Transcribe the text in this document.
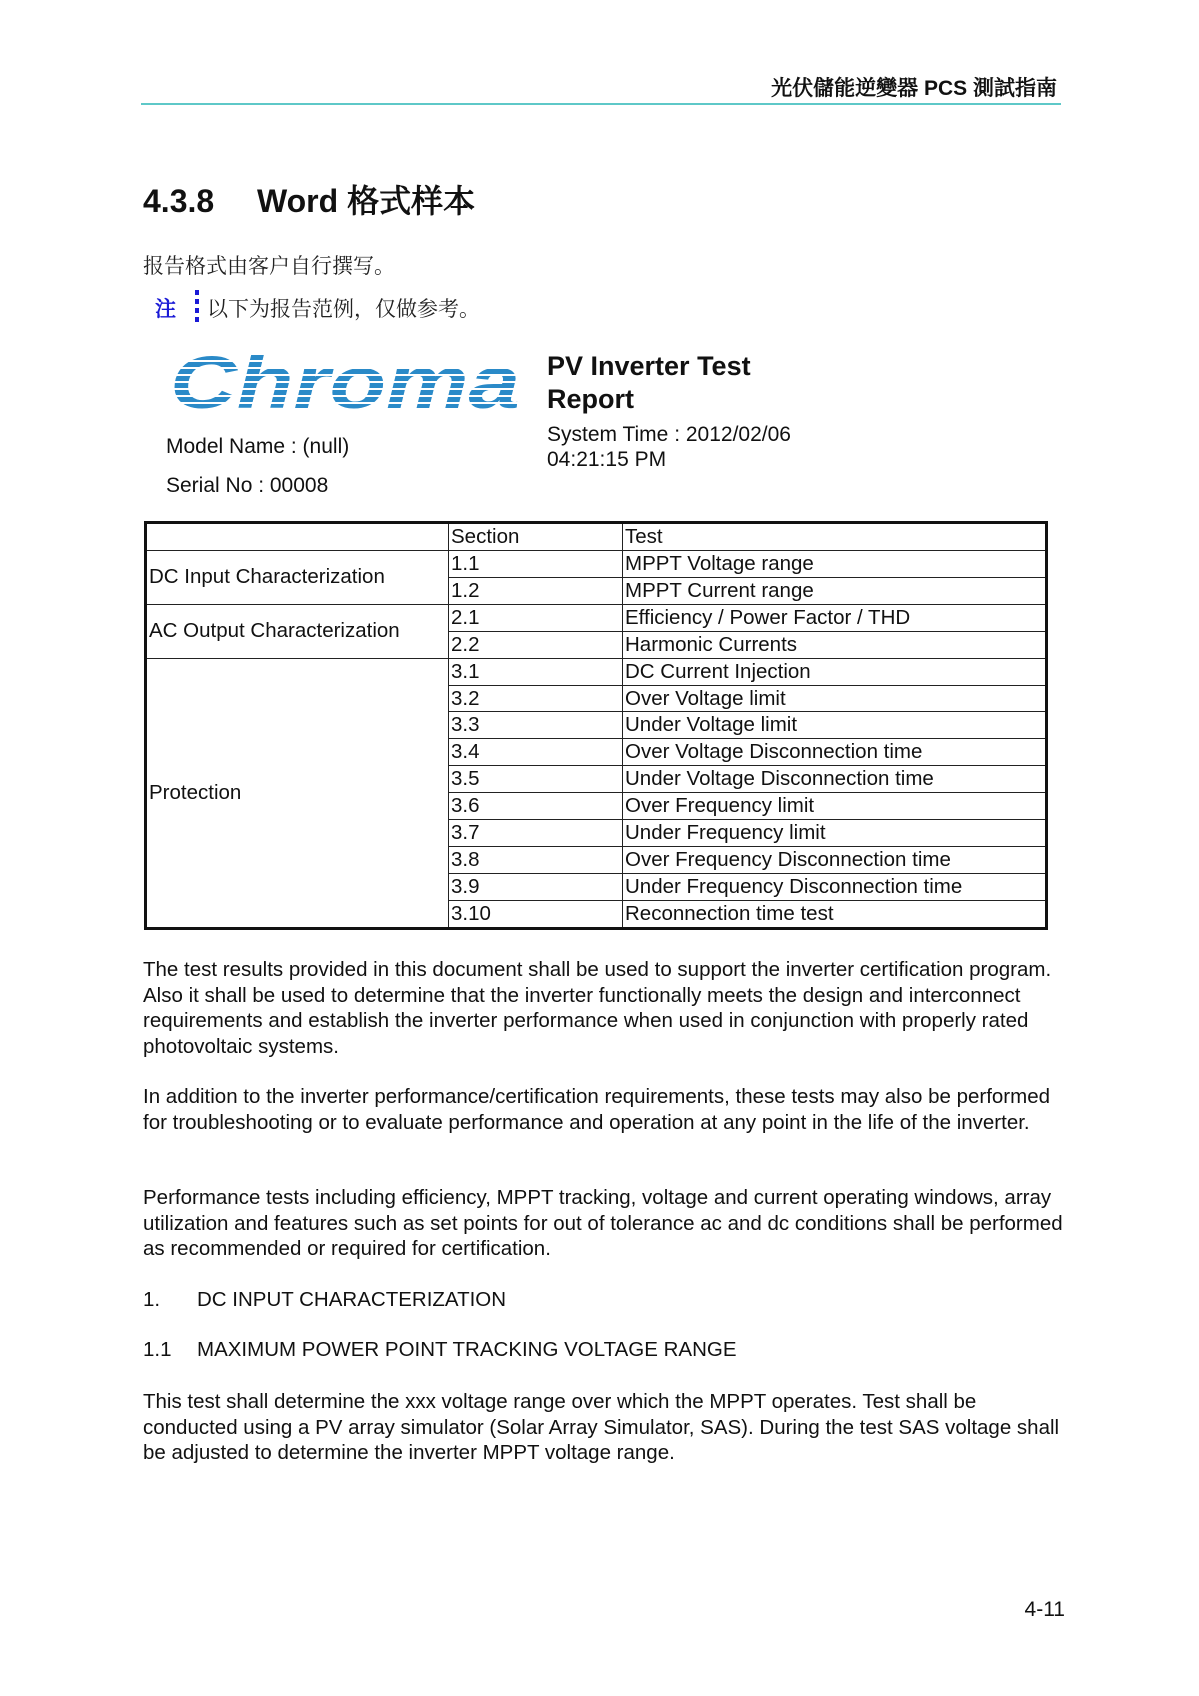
光伏儲能逆變器 PCS 測試指南
4.3.8 Word 格式样本
报告格式由客户自行撰写。
注	以下为报告范例，仅做参考。
Chroma PV Inverter Test Report
System Time : 2012/02/06 04:21:15 PM
Model Name : (null)
Serial No : 00008
	Section	Test
DC Input Characterization	1.1	MPPT Voltage range
	1.2	MPPT Current range
AC Output Characterization	2.1	Efficiency / Power Factor / THD
	2.2	Harmonic Currents
Protection	3.1	DC Current Injection
	3.2	Over Voltage limit
	3.3	Under Voltage limit
	3.4	Over Voltage Disconnection time
	3.5	Under Voltage Disconnection time
	3.6	Over Frequency limit
	3.7	Under Frequency limit
	3.8	Over Frequency Disconnection time
	3.9	Under Frequency Disconnection time
	3.10	Reconnection time test
The test results provided in this document shall be used to support the inverter certification program. Also it shall be used to determine that the inverter functionally meets the design and interconnect requirements and establish the inverter performance when used in conjunction with properly rated photovoltaic systems.
In addition to the inverter performance/certification requirements, these tests may also be performed for troubleshooting or to evaluate performance and operation at any point in the life of the inverter.
Performance tests including efficiency, MPPT tracking, voltage and current operating windows, array utilization and features such as set points for out of tolerance ac and dc conditions shall be performed as recommended or required for certification.
1. DC INPUT CHARACTERIZATION
1.1 MAXIMUM POWER POINT TRACKING VOLTAGE RANGE
This test shall determine the xxx voltage range over which the MPPT operates. Test shall be conducted using a PV array simulator (Solar Array Simulator, SAS). During the test SAS voltage shall be adjusted to determine the inverter MPPT voltage range.
4-11
